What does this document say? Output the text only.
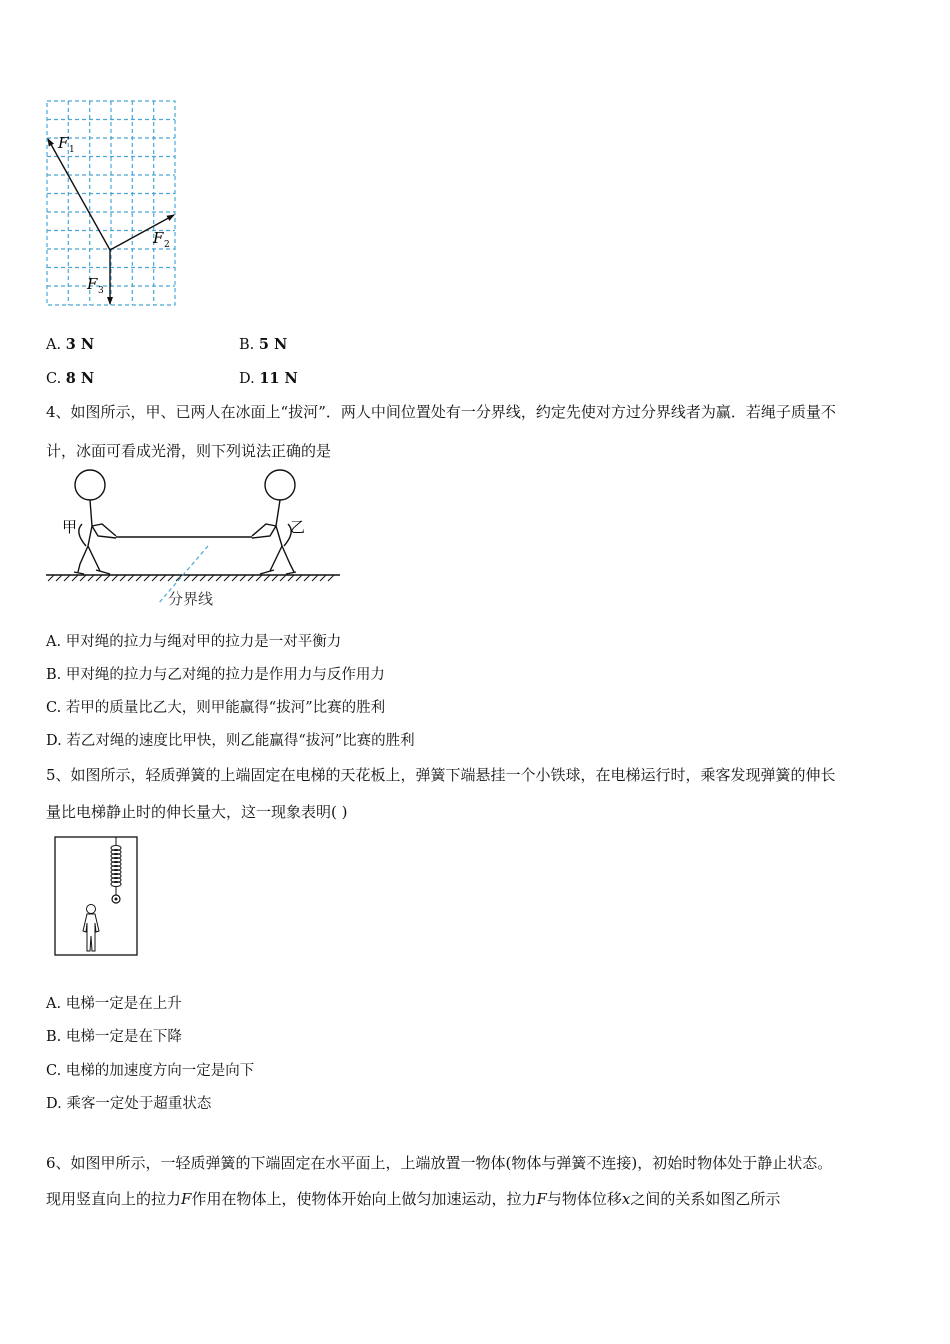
F 1
F 2
F 3
A. 3 N	B. 5 N
C. 8 N	D. 11 N
4、如图所示，甲、已两人在冰面上“拔河”．两人中间位置处有一分界线，约定先使对方过分界线者为赢．若绳子质量不
计，冰面可看成光滑，则下列说法正确的是
甲	乙
分界线
A. 甲对绳的拉力与绳对甲的拉力是一对平衡力
B. 甲对绳的拉力与乙对绳的拉力是作用力与反作用力
C. 若甲的质量比乙大，则甲能赢得“拔河”比赛的胜利
D. 若乙对绳的速度比甲快，则乙能赢得“拔河”比赛的胜利
5、如图所示，轻质弹簧的上端固定在电梯的天花板上，弹簧下端悬挂一个小铁球，在电梯运行时，乘客发现弹簧的伸长
量比电梯静止时的伸长量大，这一现象表明( )
A. 电梯一定是在上升
B. 电梯一定是在下降
C. 电梯的加速度方向一定是向下
D. 乘客一定处于超重状态
6、如图甲所示，一轻质弹簧的下端固定在水平面上，上端放置一物体(物体与弹簧不连接)，初始时物体处于静止状态。
现用竖直向上的拉力F作用在物体上，使物体开始向上做匀加速运动，拉力F与物体位移x之间的关系如图乙所示
